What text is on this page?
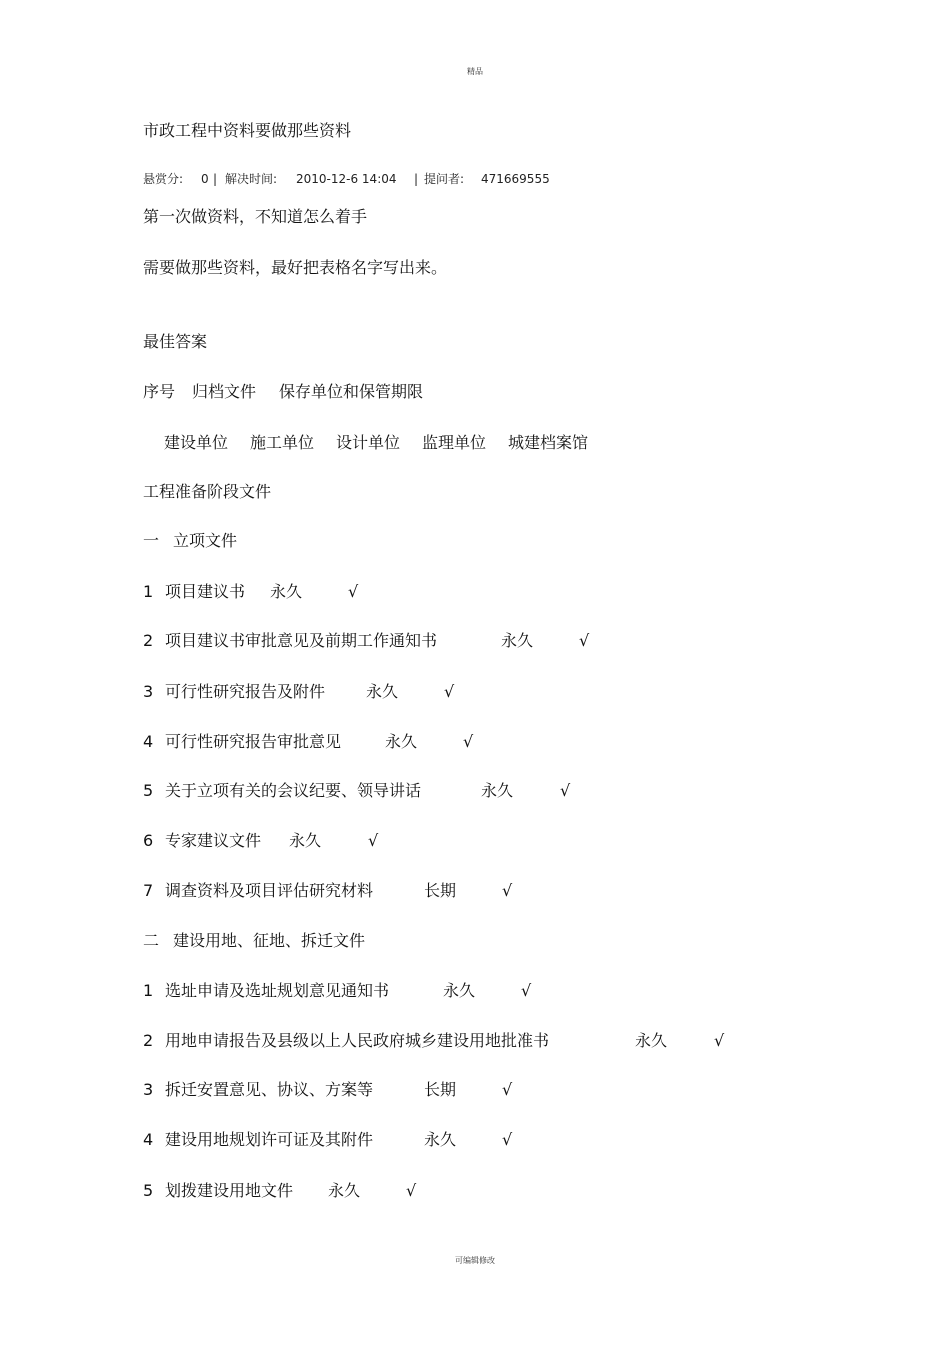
精品
市政工程中资料要做那些资料
悬赏分: 0 | 解决时间: 2010-12-6 14:04 | 提问者: 471669555
第一次做资料，不知道怎么着手
需要做那些资料，最好把表格名字写出来。
最佳答案
序号 归档文件 保存单位和保管期限
建设单位 施工单位 设计单位 监理单位 城建档案馆
工程准备阶段文件
一 立项文件
1 项目建议书 永久	√
2 项目建议书审批意见及前期工作通知书	永久	√
3 可行性研究报告及附件	永久	√
4 可行性研究报告审批意见	永久	√
5 关于立项有关的会议纪要、领导讲话	永久	√
6 专家建议文件 永久	√
7 调查资料及项目评估研究材料	长期	√
二 建设用地、征地、拆迁文件
1 选址申请及选址规划意见通知书	永久	√
2 用地申请报告及县级以上人民政府城乡建设用地批准书	永久	√
3 拆迁安置意见、协议、方案等	长期	√
4 建设用地规划许可证及其附件	永久	√
5 划拨建设用地文件 永久	√
可编辑修改
